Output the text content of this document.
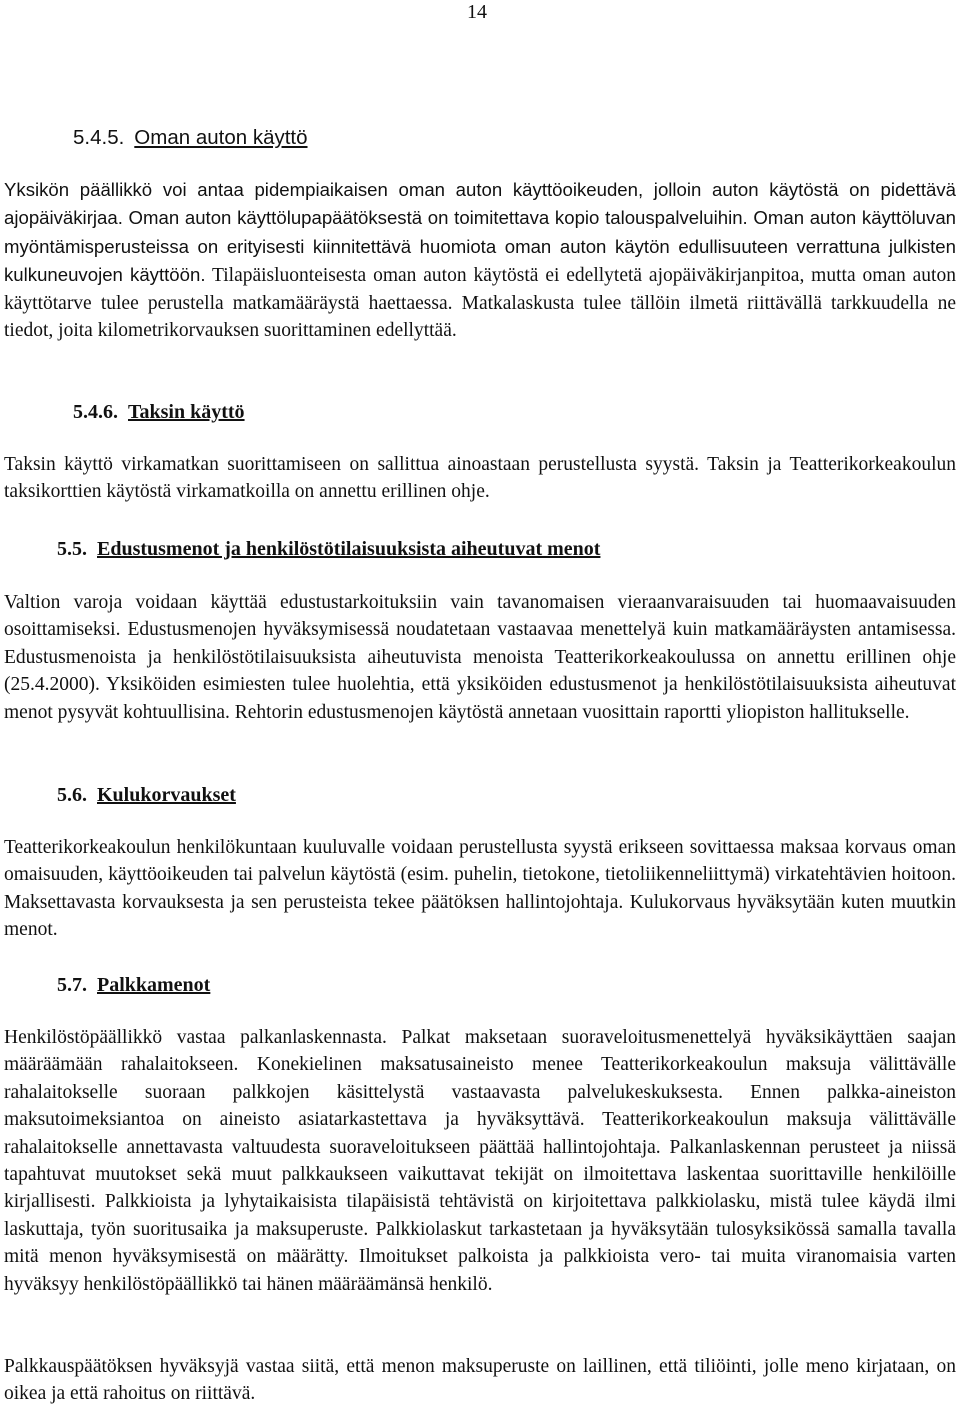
14
5.4.5. Oman auton käyttö

Yksikön päällikkö voi antaa pidempiaikaisen oman auton käyttöoikeuden, jolloin auton käytöstä on pidettävä ajopäiväkirjaa. Oman auton käyttölupapäätöksestä on toimitettava kopio talouspalveluihin. Oman auton käyttöluvan myöntämisperusteissa on erityisesti kiinnitettävä huomiota oman auton käytön edullisuuteen verrattuna julkisten kulkuneuvojen käyttöön. Tilapäisluonteisesta oman auton käytöstä ei edellytetä ajopäiväkirjanpitoa, mutta oman auton käyttötarve tulee perustella matkamääräystä haettaessa. Matkalaskusta tulee tällöin ilmetä riittävällä tarkkuudella ne tiedot, joita kilometrikorvauksen suorittaminen edellyttää.

5.4.6. Taksin käyttö

Taksin käyttö virkamatkan suorittamiseen on sallittua ainoastaan perustellusta syystä. Taksin ja Teatterikorkeakoulun taksikorttien käytöstä virkamatkoilla on annettu erillinen ohje.

5.5. Edustusmenot ja henkilöstötilaisuuksista aiheutuvat menot

Valtion varoja voidaan käyttää edustustarkoituksiin vain tavanomaisen vieraanvaraisuuden tai huomaavaisuuden osoittamiseksi. Edustusmenojen hyväksymisessä noudatetaan vastaavaa menettelyä kuin matkamääräysten antamisessa. Edustusmenoista ja henkilöstötilaisuuksista aiheutuvista menoista Teatterikorkeakoulussa on annettu erillinen ohje (25.4.2000). Yksiköiden esimiesten tulee huolehtia, että yksiköiden edustusmenot ja henkilöstötilaisuuksista aiheutuvat menot pysyvät kohtuullisina. Rehtorin edustusmenojen käytöstä annetaan vuosittain raportti yliopiston hallitukselle.

5.6. Kulukorvaukset

Teatterikorkeakoulun henkilökuntaan kuuluvalle voidaan perustellusta syystä erikseen sovittaessa maksaa korvaus oman omaisuuden, käyttöoikeuden tai palvelun käytöstä (esim. puhelin, tietokone, tietoliikenneliittymä) virkatehtävien hoitoon. Maksettavasta korvauksesta ja sen perusteista tekee päätöksen hallintojohtaja. Kulukorvaus hyväksytään kuten muutkin menot.

5.7. Palkkamenot

Henkilöstöpäällikkö vastaa palkanlaskennasta. Palkat maksetaan suoraveloitusmenettelyä hyväksikäyttäen saajan määräämään rahalaitokseen. Konekielinen maksatusaineisto menee Teatterikorkeakoulun maksuja välittävälle rahalaitokselle suoraan palkkojen käsittelystä vastaavasta palvelukeskuksesta. Ennen palkka-aineiston maksutoimeksiantoa on aineisto asiatarkastettava ja hyväksyttävä. Teatterikorkeakoulun maksuja välittävälle rahalaitokselle annettavasta valtuudesta suoraveloitukseen päättää hallintojohtaja. Palkanlaskennan perusteet ja niissä tapahtuvat muutokset sekä muut palkkaukseen vaikuttavat tekijät on ilmoitettava laskentaa suorittaville henkilöille kirjallisesti. Palkkioista ja lyhytaikaisista tilapäisistä tehtävistä on kirjoitettava palkkiolasku, mistä tulee käydä ilmi laskuttaja, työn suoritusaika ja maksuperuste. Palkkiolaskut tarkastetaan ja hyväksytään tulosyksikössä samalla tavalla mitä menon hyväksymisestä on määrätty. Ilmoitukset palkoista ja palkkioista vero- tai muita viranomaisia varten hyväksyy henkilöstöpäällikkö tai hänen määräämänsä henkilö.

Palkkauspäätöksen hyväksyjä vastaa siitä, että menon maksuperuste on laillinen, että tiliöinti, jolle meno kirjataan, on oikea ja että rahoitus on riittävä.
